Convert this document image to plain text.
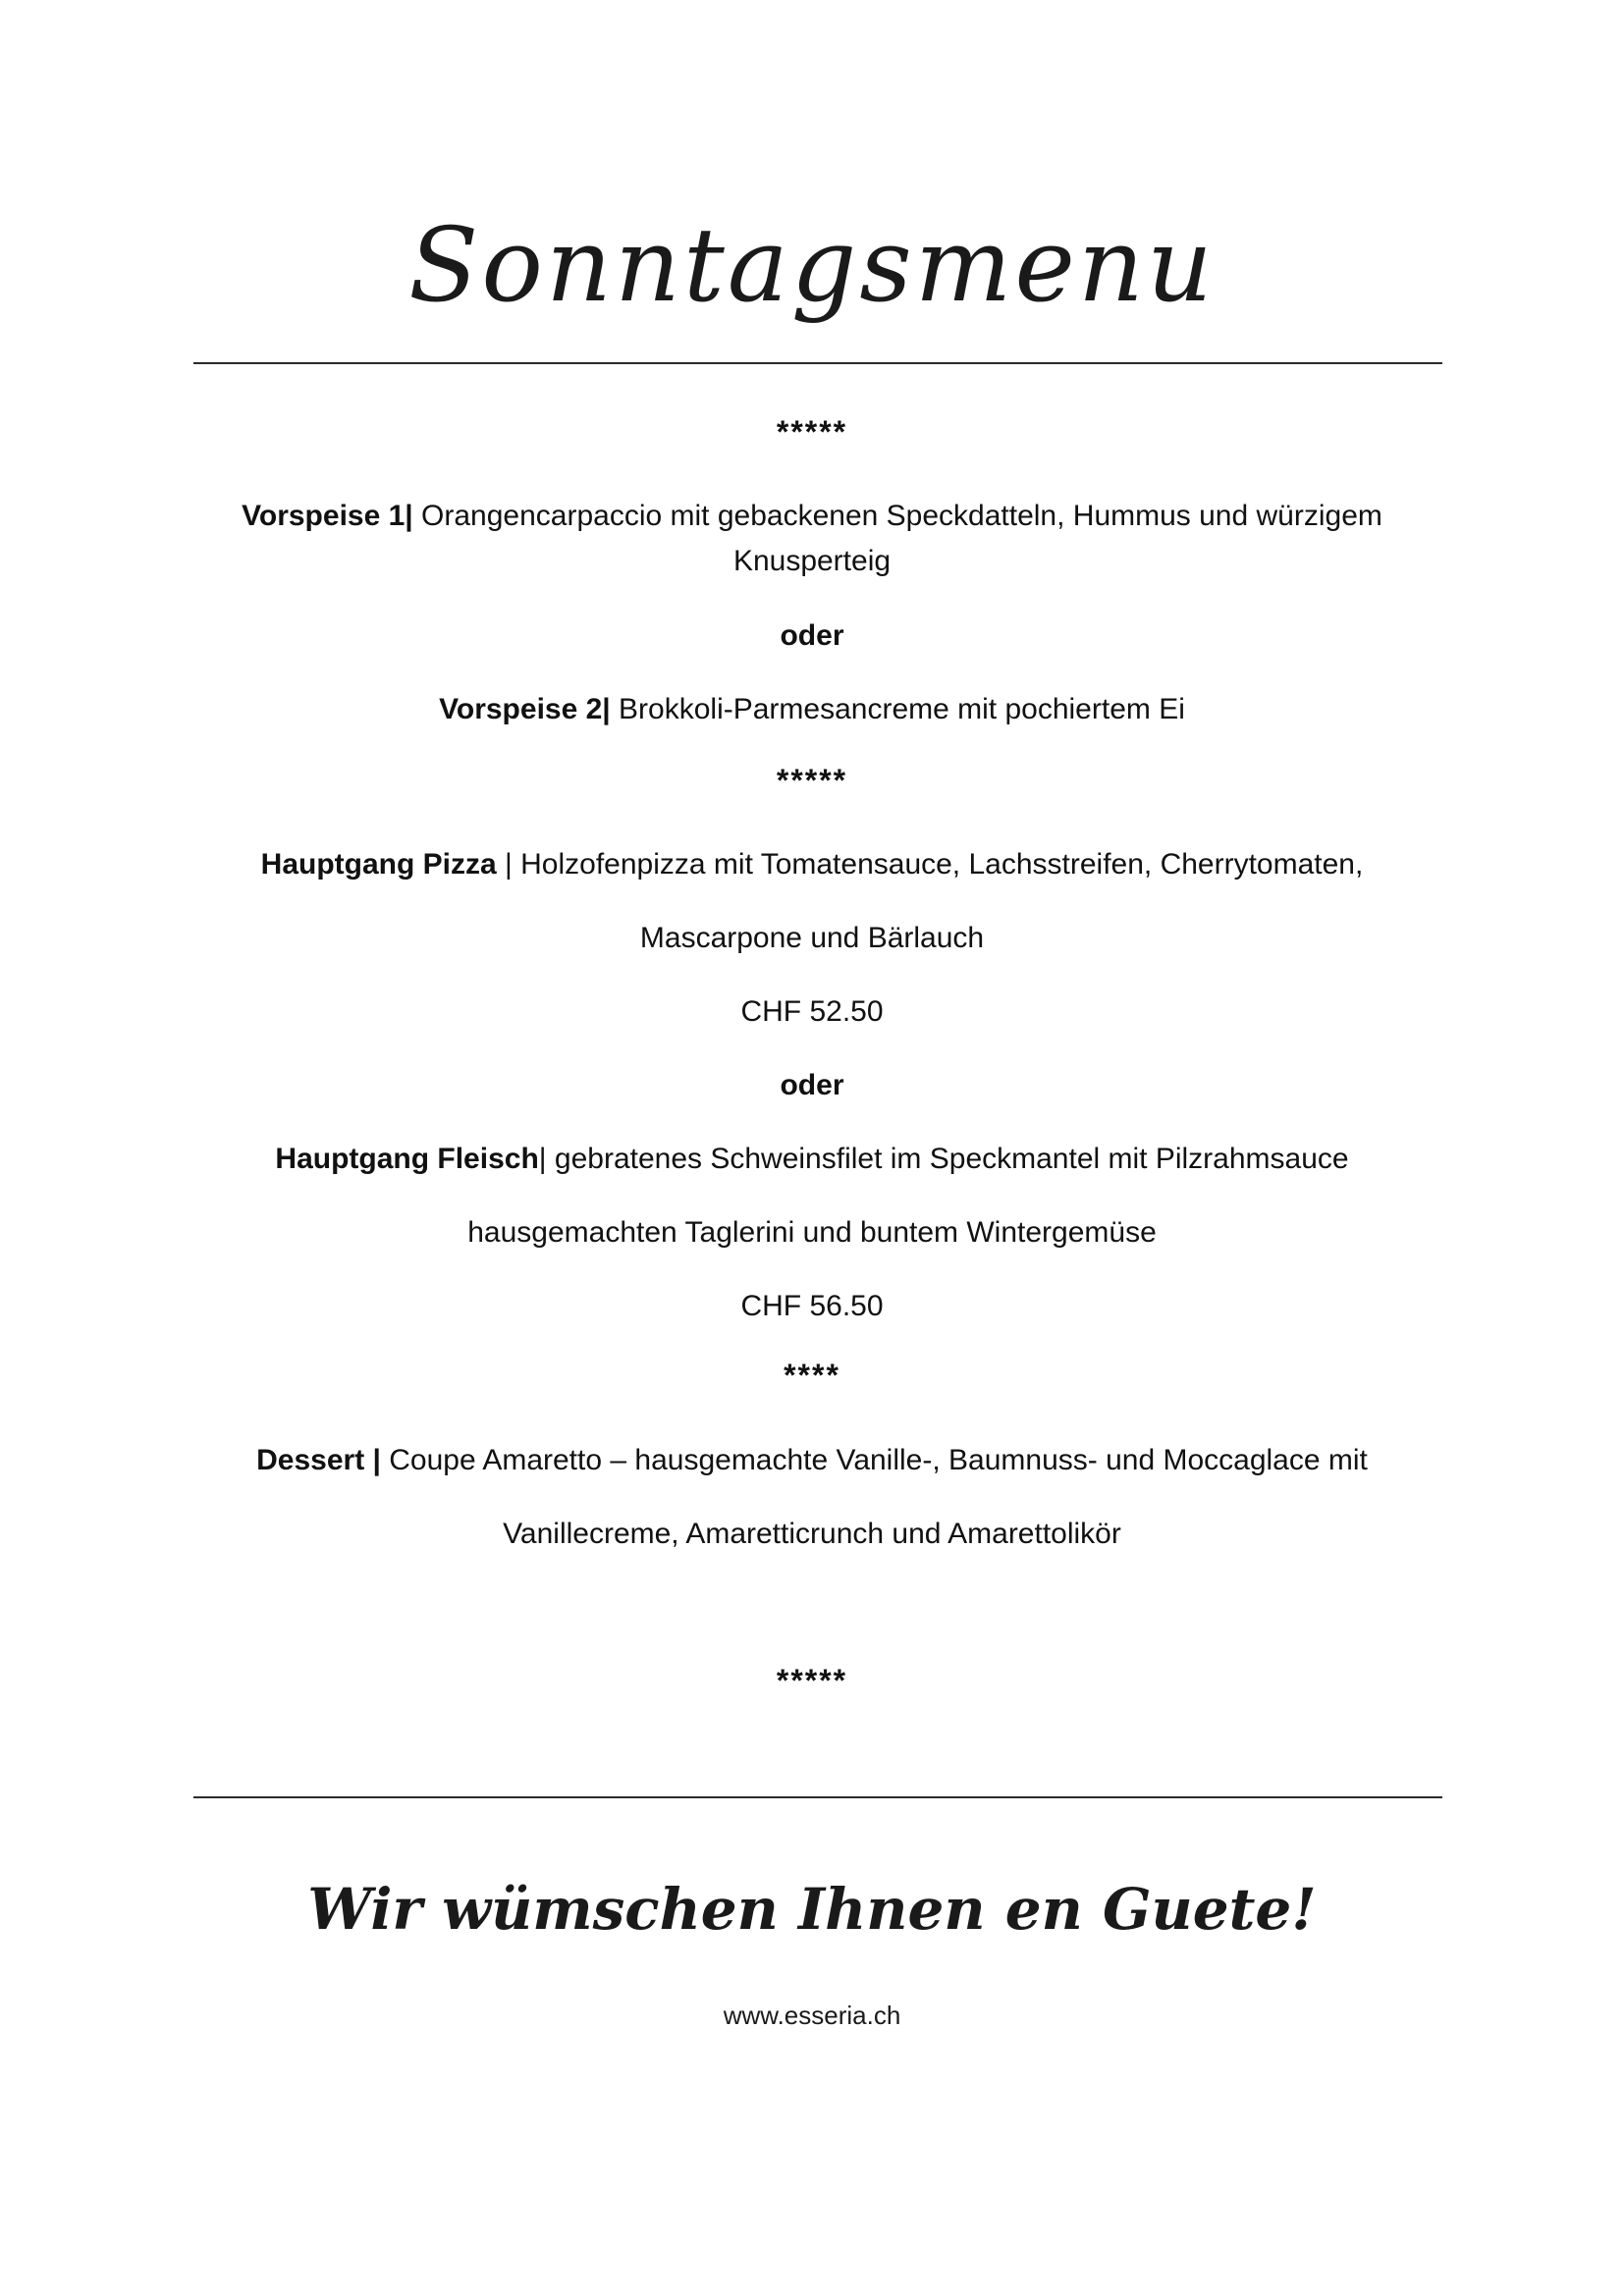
Sonntagsmenu
*****
Vorspeise 1| Orangencarpaccio mit gebackenen Speckdatteln, Hummus und würzigem
Knusperteig
oder
Vorspeise 2| Brokkoli-Parmesancreme mit pochiertem Ei
*****
Hauptgang Pizza | Holzofenpizza mit Tomatensauce, Lachsstreifen, Cherrytomaten,
Mascarpone und Bärlauch
CHF 52.50
oder
Hauptgang Fleisch| gebratenes Schweinsfilet im Speckmantel mit Pilzrahmsauce
hausgemachten Taglerini und buntem Wintergemüse
CHF 56.50
****
Dessert | Coupe Amaretto – hausgemachte Vanille-, Baumnuss- und Moccaglace mit
Vanillecreme, Amaretticrunch und Amarettolikör
*****
Wir wümschen Ihnen en Guete!
www.esseria.ch
